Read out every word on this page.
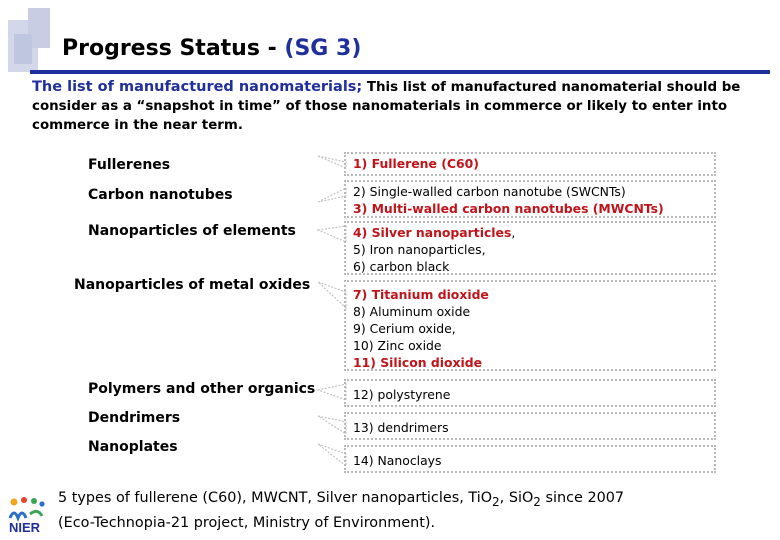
Progress Status - (SG 3)
The list of manufactured nanomaterials; This list of manufactured nanomaterial should be consider as a “snapshot in time” of those nanomaterials in commerce or likely to enter into commerce in the near term.
Fullerenes
Carbon nanotubes
Nanoparticles of elements
Nanoparticles of metal oxides
Polymers and other organics
Dendrimers
Nanoplates
1) Fullerene (C60)
2) Single-walled carbon nanotube (SWCNTs)
3) Multi-walled carbon nanotubes (MWCNTs)
4) Silver nanoparticles,
5) Iron nanoparticles,
6) carbon black
7) Titanium dioxide
8) Aluminum oxide
9) Cerium oxide,
10) Zinc oxide
11) Silicon dioxide
12) polystyrene
13) dendrimers
14) Nanoclays
5 types of fullerene (C60), MWCNT, Silver nanoparticles, TiO$_2$, SiO$_2$ since 2007
(Eco-Technopia-21 project, Ministry of Environment).
NIER
